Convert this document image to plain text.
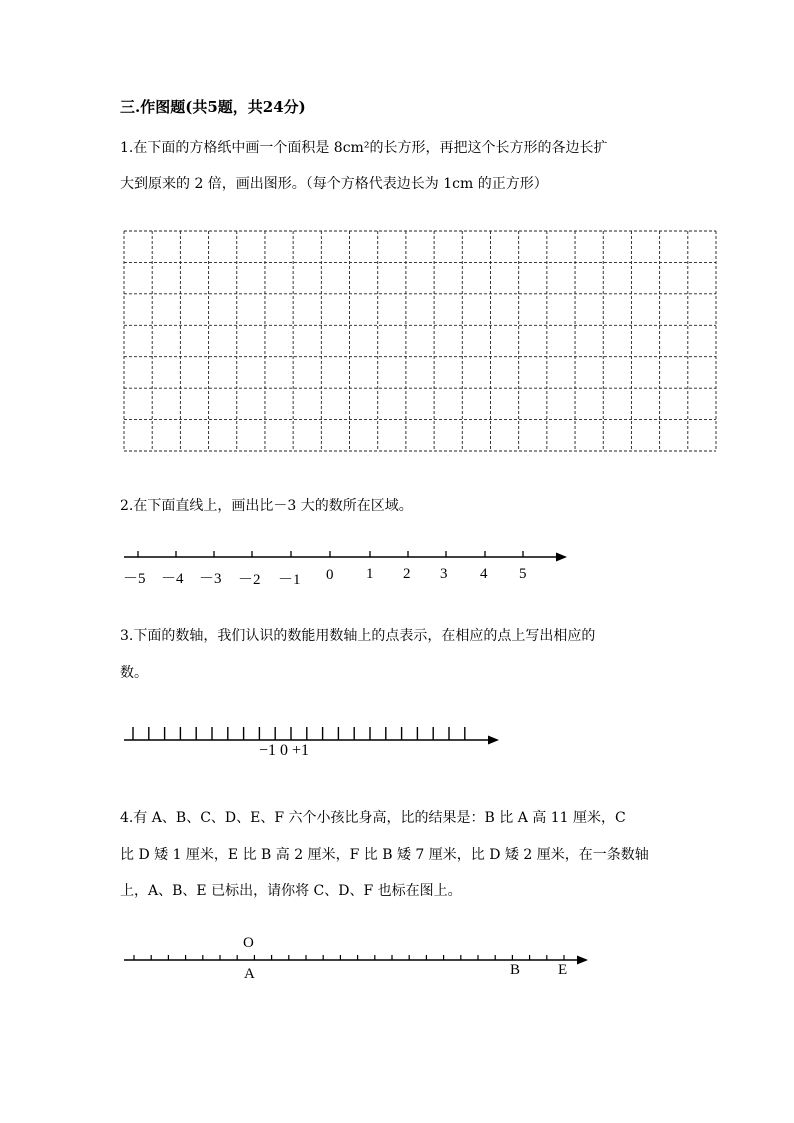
三.作图题(共5题，共24分)
1.在下面的方格纸中画一个面积是 8cm²的长方形，再把这个长方形的各边长扩
大到原来的 2 倍，画出图形。（每个方格代表边长为 1cm 的正方形）
2.在下面直线上，画出比－3 大的数所在区域。
－5 －4 －3 －2 －1 0 1 2 3 4 5
3.下面的数轴，我们认识的数能用数轴上的点表示，在相应的点上写出相应的
数。
−1 0 +1
4.有 A、B、C、D、E、F 六个小孩比身高，比的结果是：B 比 A 高 11 厘米，C
比 D 矮 1 厘米，E 比 B 高 2 厘米，F 比 B 矮 7 厘米，比 D 矮 2 厘米，在一条数轴
上，A、B、E 已标出，请你将 C、D、F 也标在图上。
O
A	B	E
